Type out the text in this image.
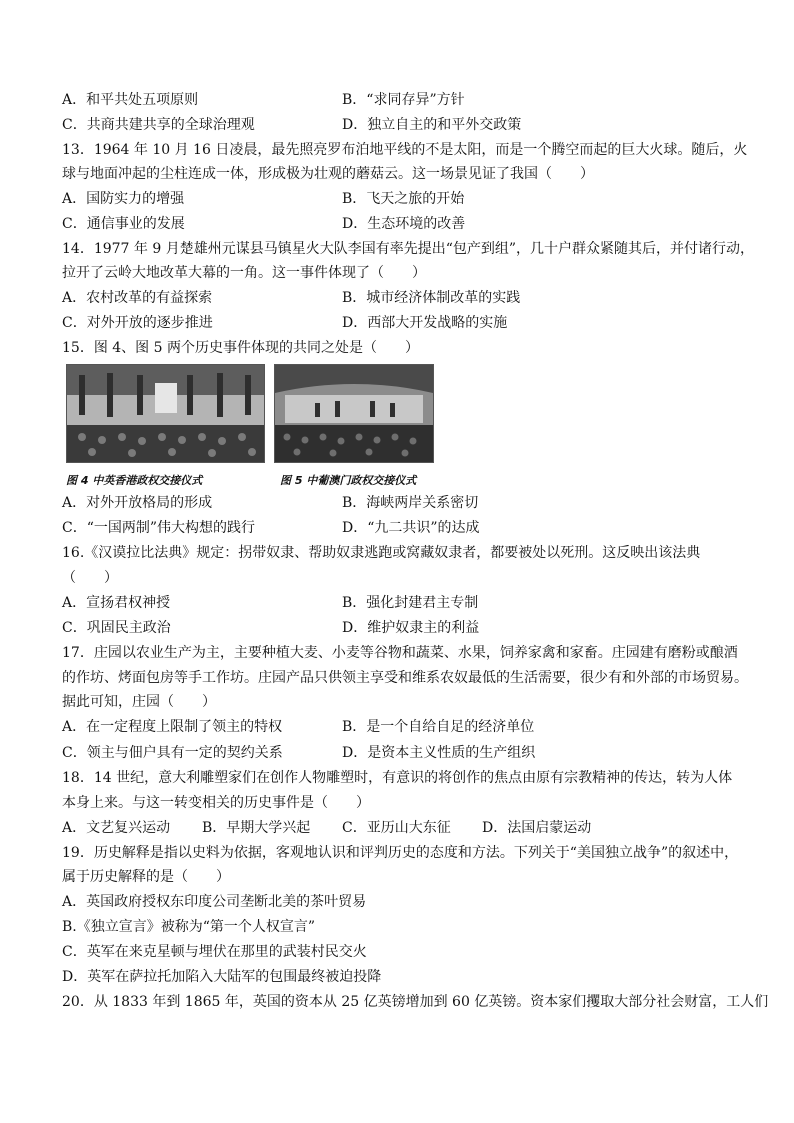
A．和平共处五项原则	B．“求同存异”方针
C．共商共建共享的全球治理观	D．独立自主的和平外交政策
13．1964 年 10 月 16 日凌晨，最先照亮罗布泊地平线的不是太阳，而是一个腾空而起的巨大火球。随后，火
球与地面冲起的尘柱连成一体，形成极为壮观的蘑菇云。这一场景见证了我国（　　）
A．国防实力的增强	B．飞天之旅的开始
C．通信事业的发展	D．生态环境的改善
14．1977 年 9 月楚雄州元谋县马镇星火大队李国有率先提出“包产到组”，几十户群众紧随其后，并付诸行动，
拉开了云岭大地改革大幕的一角。这一事件体现了（　　）
A．农村改革的有益探索	B．城市经济体制改革的实践
C．对外开放的逐步推进	D．西部大开发战略的实施
15．图 4、图 5 两个历史事件体现的共同之处是（　　）
图 4 中英香港政权交接仪式	图 5 中葡澳门政权交接仪式
A．对外开放格局的形成	B．海峡两岸关系密切
C．“一国两制”伟大构想的践行	D．“九二共识”的达成
16.《汉谟拉比法典》规定：拐带奴隶、帮助奴隶逃跑或窝藏奴隶者，都要被处以死刑。这反映出该法典
（　　）
A．宣扬君权神授	B．强化封建君主专制
C．巩固民主政治	D．维护奴隶主的利益
17．庄园以农业生产为主，主要种植大麦、小麦等谷物和蔬菜、水果，饲养家禽和家畜。庄园建有磨粉或酿酒
的作坊、烤面包房等手工作坊。庄园产品只供领主享受和维系农奴最低的生活需要，很少有和外部的市场贸易。
据此可知，庄园（　　）
A．在一定程度上限制了领主的特权	B．是一个自给自足的经济单位
C．领主与佃户具有一定的契约关系	D．是资本主义性质的生产组织
18．14 世纪，意大利雕塑家们在创作人物雕塑时，有意识的将创作的焦点由原有宗教精神的传达，转为人体
本身上来。与这一转变相关的历史事件是（　　）
A．文艺复兴运动 B．早期大学兴起 C．亚历山大东征 D．法国启蒙运动
19．历史解释是指以史料为依据，客观地认识和评判历史的态度和方法。下列关于“美国独立战争”的叙述中，
属于历史解释的是（　　）
A．英国政府授权东印度公司垄断北美的茶叶贸易
B.《独立宣言》被称为“第一个人权宣言”
C．英军在来克星顿与埋伏在那里的武装村民交火
D．英军在萨拉托加陷入大陆军的包围最终被迫投降
20．从 1833 年到 1865 年，英国的资本从 25 亿英镑增加到 60 亿英镑。资本家们攫取大部分社会财富，工人们
